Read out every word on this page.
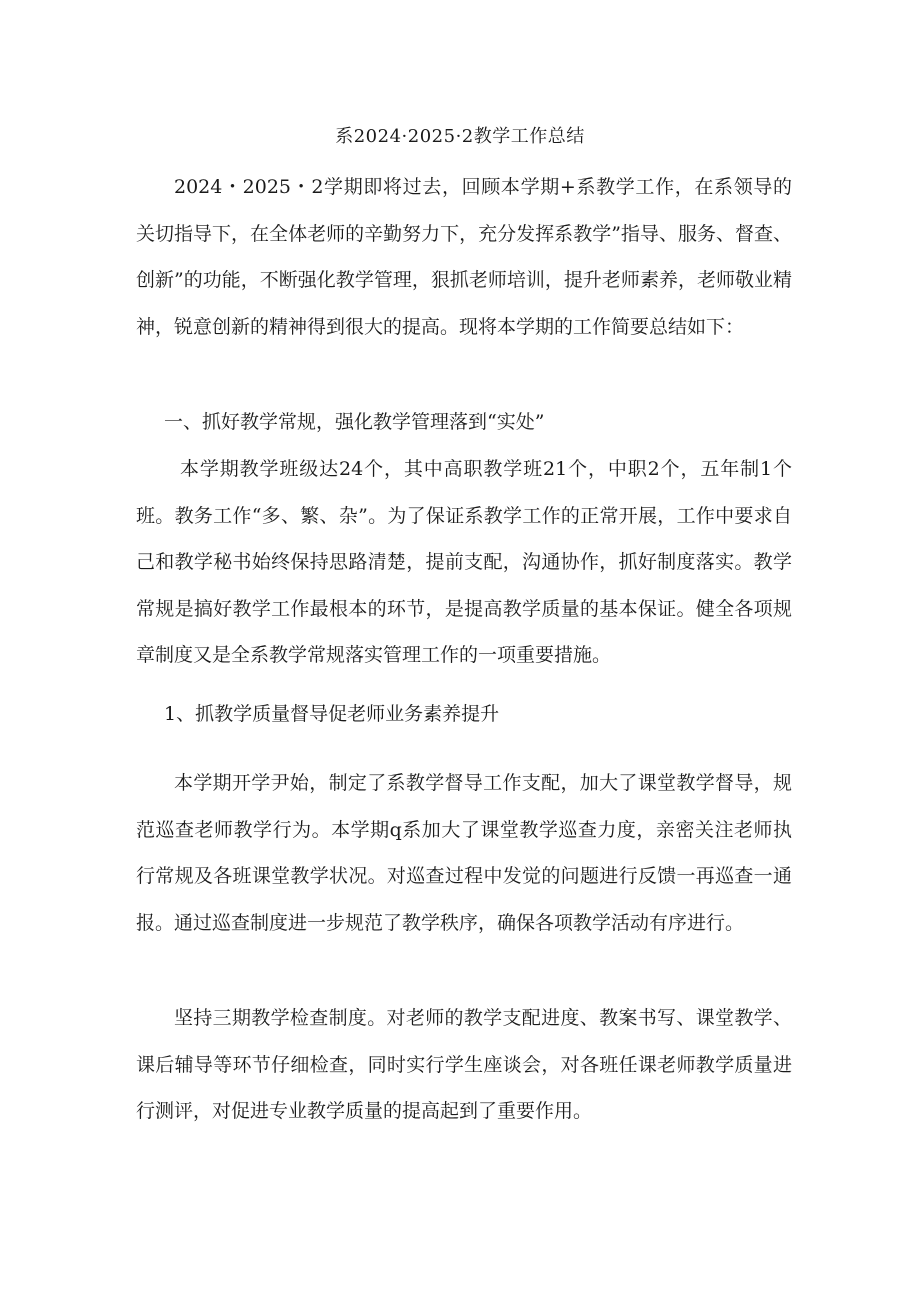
系2024·2025·2教学工作总结

2024・2025・2学期即将过去，回顾本学期+系教学工作，在系领导的关切指导下，在全体老师的辛勤努力下，充分发挥系教学”指导、服务、督查、创新”的功能，不断强化教学管理，狠抓老师培训，提升老师素养，老师敬业精神，锐意创新的精神得到很大的提高。现将本学期的工作简要总结如下：

一、抓好教学常规，强化教学管理落到“实处”

本学期教学班级达24个，其中高职教学班21个，中职2个，五年制1个班。教务工作“多、繁、杂”。为了保证系教学工作的正常开展，工作中要求自己和教学秘书始终保持思路清楚，提前支配，沟通协作，抓好制度落实。教学常规是搞好教学工作最根本的环节，是提高教学质量的基本保证。健全各项规章制度又是全系教学常规落实管理工作的一项重要措施。

1、抓教学质量督导促老师业务素养提升

本学期开学尹始，制定了系教学督导工作支配，加大了课堂教学督导，规范巡查老师教学行为。本学期q系加大了课堂教学巡查力度，亲密关注老师执行常规及各班课堂教学状况。对巡查过程中发觉的问题进行反馈一再巡查一通报。通过巡查制度进一步规范了教学秩序，确保各项教学活动有序进行。

坚持三期教学检查制度。对老师的教学支配进度、教案书写、课堂教学、课后辅导等环节仔细检查，同时实行学生座谈会，对各班任课老师教学质量进行测评，对促进专业教学质量的提高起到了重要作用。
